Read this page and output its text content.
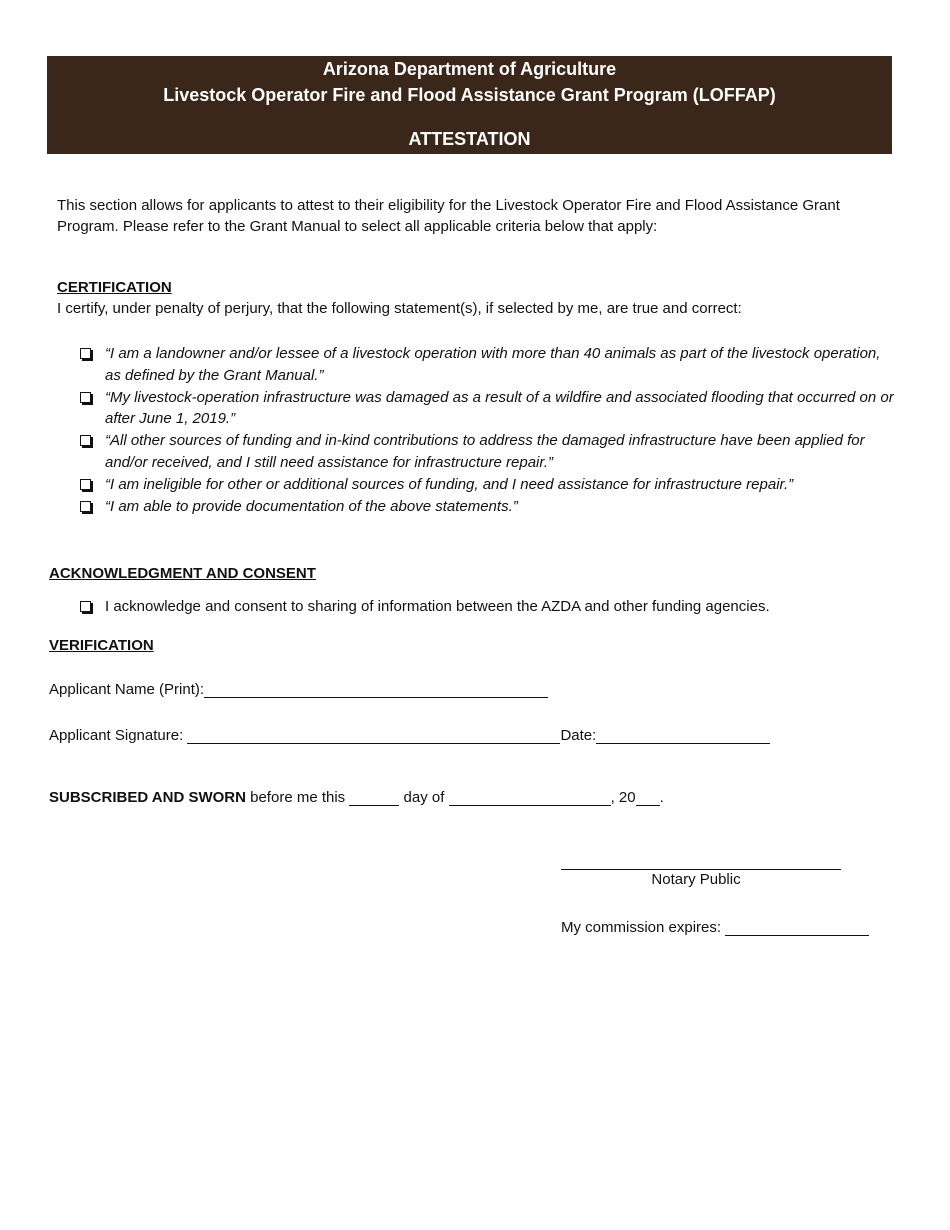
Arizona Department of Agriculture
Livestock Operator Fire and Flood Assistance Grant Program (LOFFAP)
ATTESTATION
This section allows for applicants to attest to their eligibility for the Livestock Operator Fire and Flood Assistance Grant Program. Please refer to the Grant Manual to select all applicable criteria below that apply:
CERTIFICATION
I certify, under penalty of perjury, that the following statement(s), if selected by me, are true and correct:
“I am a landowner and/or lessee of a livestock operation with more than 40 animals as part of the livestock operation, as defined by the Grant Manual.”
“My livestock-operation infrastructure was damaged as a result of a wildfire and associated flooding that occurred on or after June 1, 2019.”
“All other sources of funding and in-kind contributions to address the damaged infrastructure have been applied for and/or received, and I still need assistance for infrastructure repair.”
“I am ineligible for other or additional sources of funding, and I need assistance for infrastructure repair.”
“I am able to provide documentation of the above statements.”
ACKNOWLEDGMENT AND CONSENT
I acknowledge and consent to sharing of information between the AZDA and other funding agencies.
VERIFICATION
Applicant Name (Print):
Applicant Signature:	Date:
SUBSCRIBED AND SWORN before me this	day of	, 20 .
Notary Public
My commission expires:
